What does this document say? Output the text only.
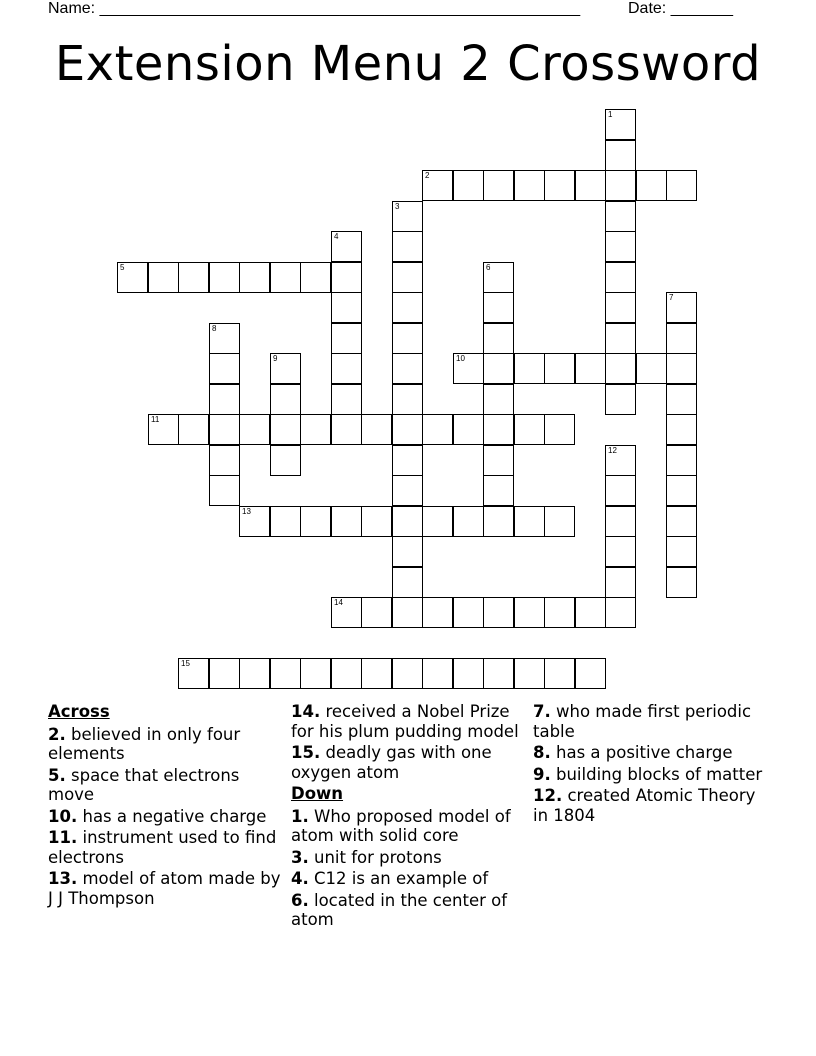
Name: ______________________________________________________	Date: _______
Extension Menu 2 Crossword
1
2
3
4
5	6
7
8
9	10
11
12
13
14
15
Across
2. believed in only four elements
5. space that electrons move
10. has a negative charge
11. instrument used to find electrons
13. model of atom made by J J Thompson
14. received a Nobel Prize for his plum pudding model
15. deadly gas with one oxygen atom
Down
1. Who proposed model of atom with solid core
3. unit for protons
4. C12 is an example of
6. located in the center of atom
7. who made first periodic table
8. has a positive charge
9. building blocks of matter
12. created Atomic Theory in 1804
